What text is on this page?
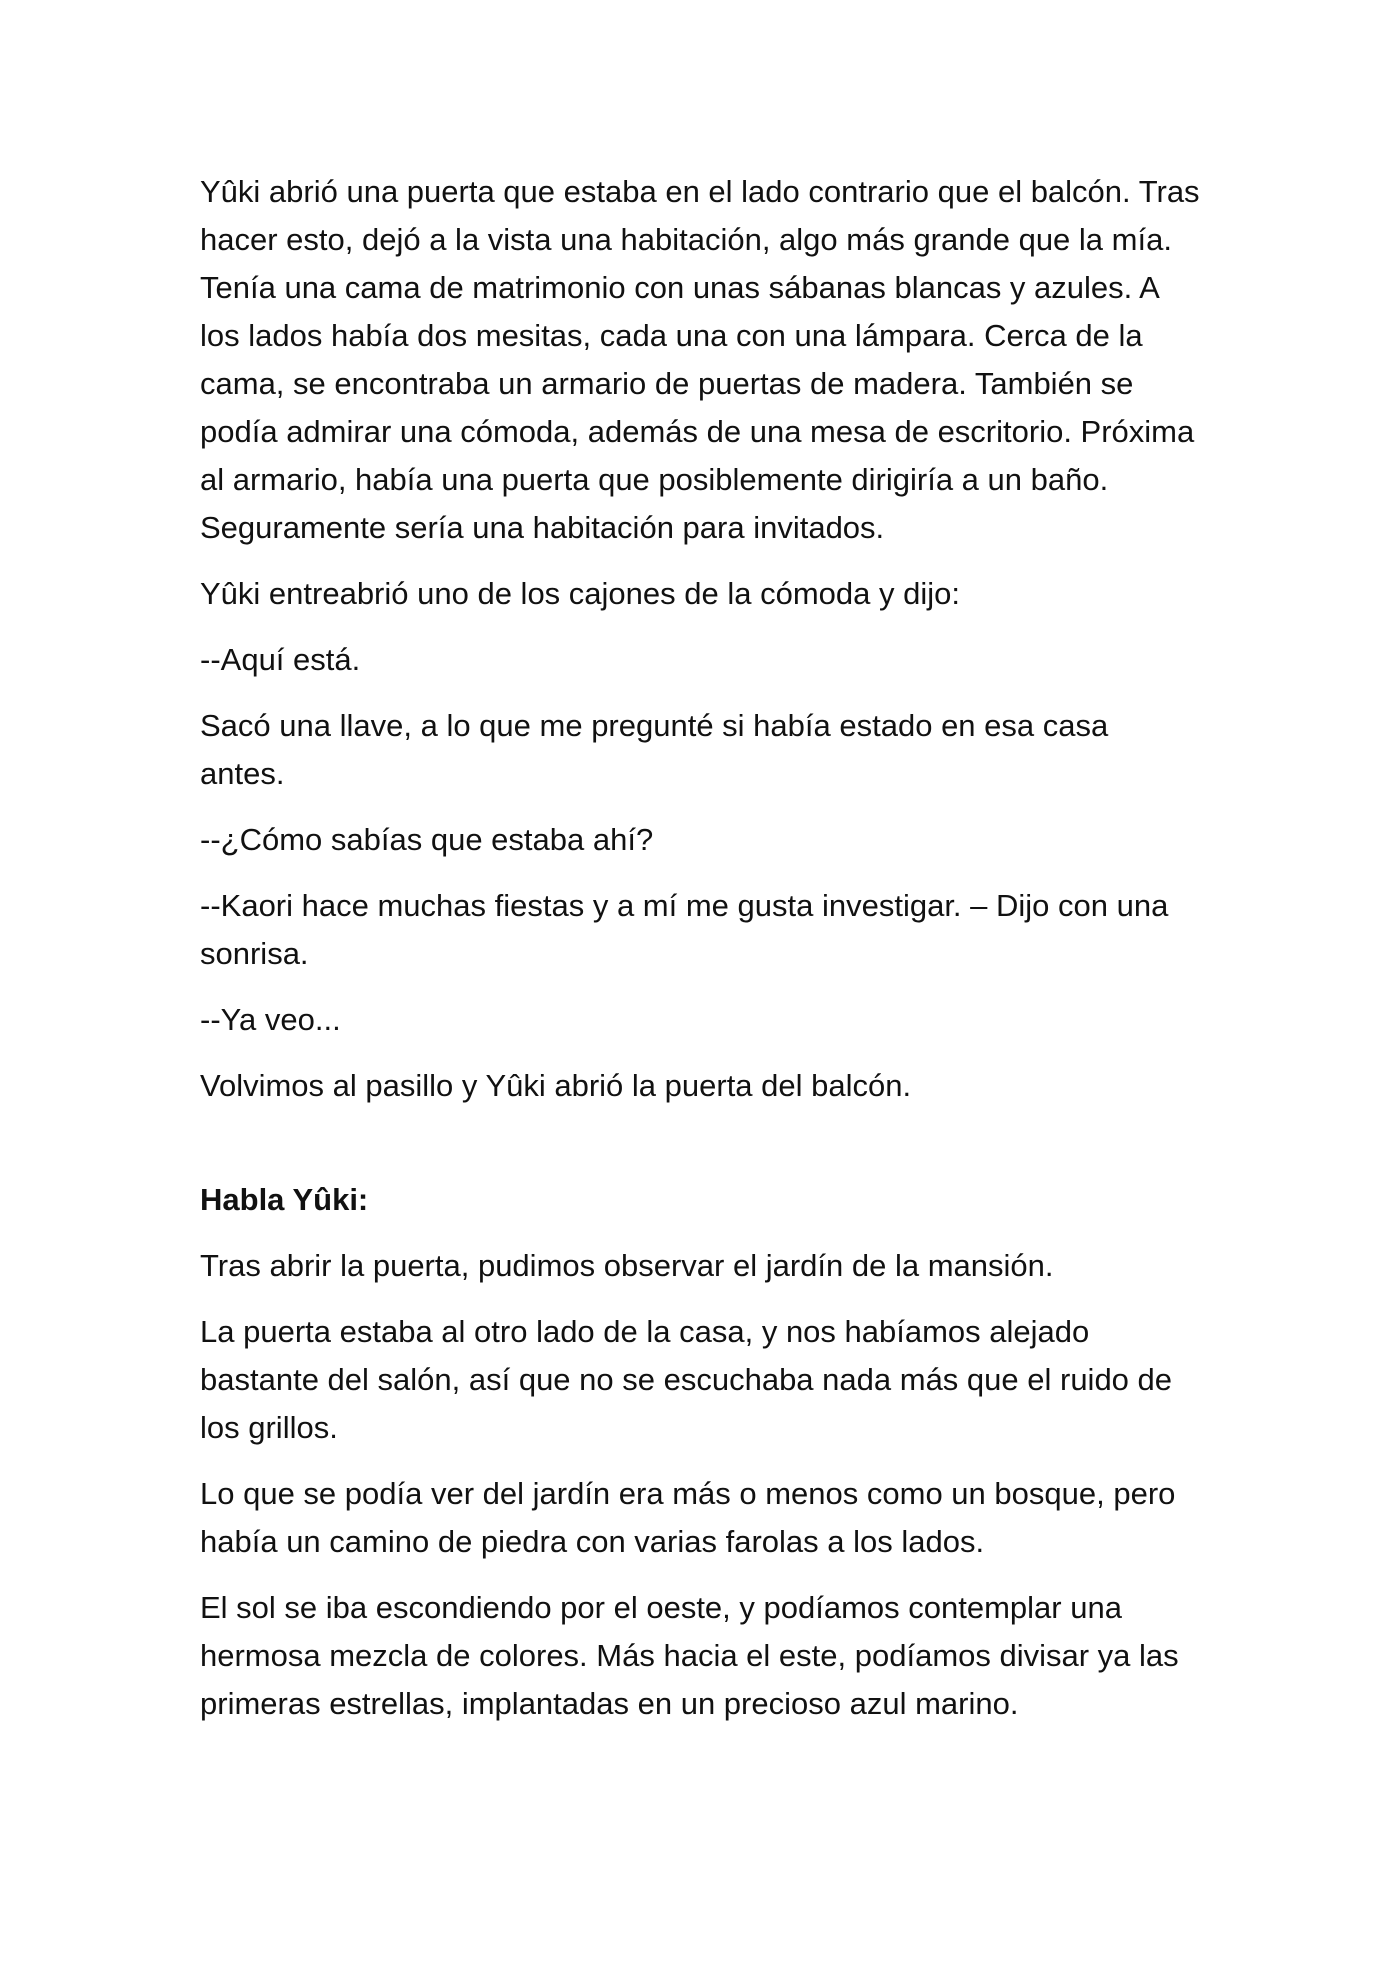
Yûki abrió una puerta que estaba en el lado contrario que el balcón. Tras hacer esto, dejó a la vista una habitación, algo más grande que la mía. Tenía una cama de matrimonio con unas sábanas blancas y azules. A los lados había dos mesitas, cada una con una lámpara. Cerca de la cama, se encontraba un armario de puertas de madera. También se podía admirar una cómoda, además de una mesa de escritorio. Próxima al armario, había una puerta que posiblemente dirigiría a un baño. Seguramente sería una habitación para invitados.

Yûki entreabrió uno de los cajones de la cómoda y dijo:

--Aquí está.

Sacó una llave, a lo que me pregunté si había estado en esa casa antes.

--¿Cómo sabías que estaba ahí?

--Kaori hace muchas fiestas y a mí me gusta investigar. – Dijo con una sonrisa.

--Ya veo...

Volvimos al pasillo y Yûki abrió la puerta del balcón.

Habla Yûki:

Tras abrir la puerta, pudimos observar el jardín de la mansión.

La puerta estaba al otro lado de la casa, y nos habíamos alejado bastante del salón, así que no se escuchaba nada más que el ruido de los grillos.

Lo que se podía ver del jardín era más o menos como un bosque, pero había un camino de piedra con varias farolas a los lados.

El sol se iba escondiendo por el oeste, y podíamos contemplar una hermosa mezcla de colores. Más hacia el este, podíamos divisar ya las primeras estrellas, implantadas en un precioso azul marino.
